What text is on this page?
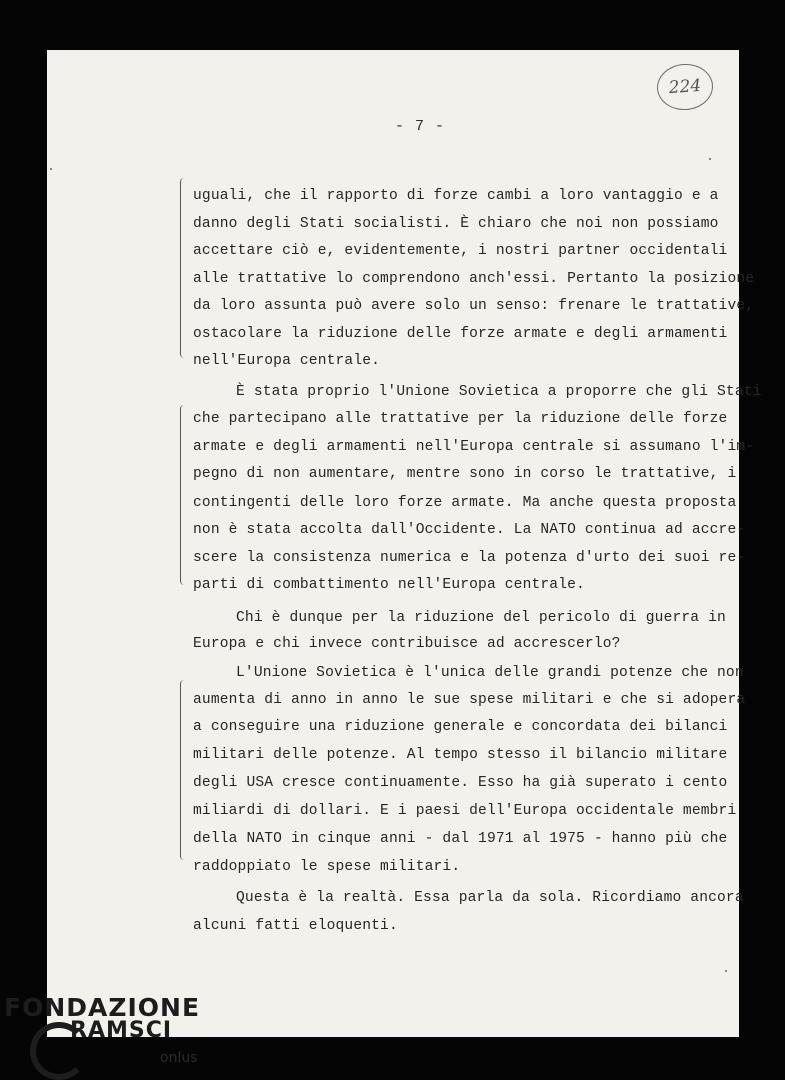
- 7 -
224
uguali, che il rapporto di forze cambi a loro vantaggio e a
danno degli Stati socialisti. È chiaro che noi non possiamo
accettare ciò e, evidentemente, i nostri partner occidentali
alle trattative lo comprendono anch'essi. Pertanto la posizione
da loro assunta può avere solo un senso: frenare le trattative,
ostacolare la riduzione delle forze armate e degli armamenti
nell'Europa centrale.
È stata proprio l'Unione Sovietica a proporre che gli Stati
che partecipano alle trattative per la riduzione delle forze
armate e degli armamenti nell'Europa centrale si assumano l'im-
pegno di non aumentare, mentre sono in corso le trattative, i
contingenti delle loro forze armate. Ma anche questa proposta
non è stata accolta dall'Occidente. La NATO continua ad accre-
scere la consistenza numerica e la potenza d'urto dei suoi re-
parti di combattimento nell'Europa centrale.
Chi è dunque per la riduzione del pericolo di guerra in
Europa e chi invece contribuisce ad accrescerlo?
L'Unione Sovietica è l'unica delle grandi potenze che non
aumenta di anno in anno le sue spese militari e che si adopera
a conseguire una riduzione generale e concordata dei bilanci
militari delle potenze. Al tempo stesso il bilancio militare
degli USA cresce continuamente. Esso ha già superato i cento
miliardi di dollari. E i paesi dell'Europa occidentale membri
della NATO in cinque anni - dal 1971 al 1975 - hanno più che
raddoppiato le spese militari.
Questa è la realtà. Essa parla da sola. Ricordiamo ancora
alcuni fatti eloquenti.
FONDAZIONE
RAMSCI
onlus
